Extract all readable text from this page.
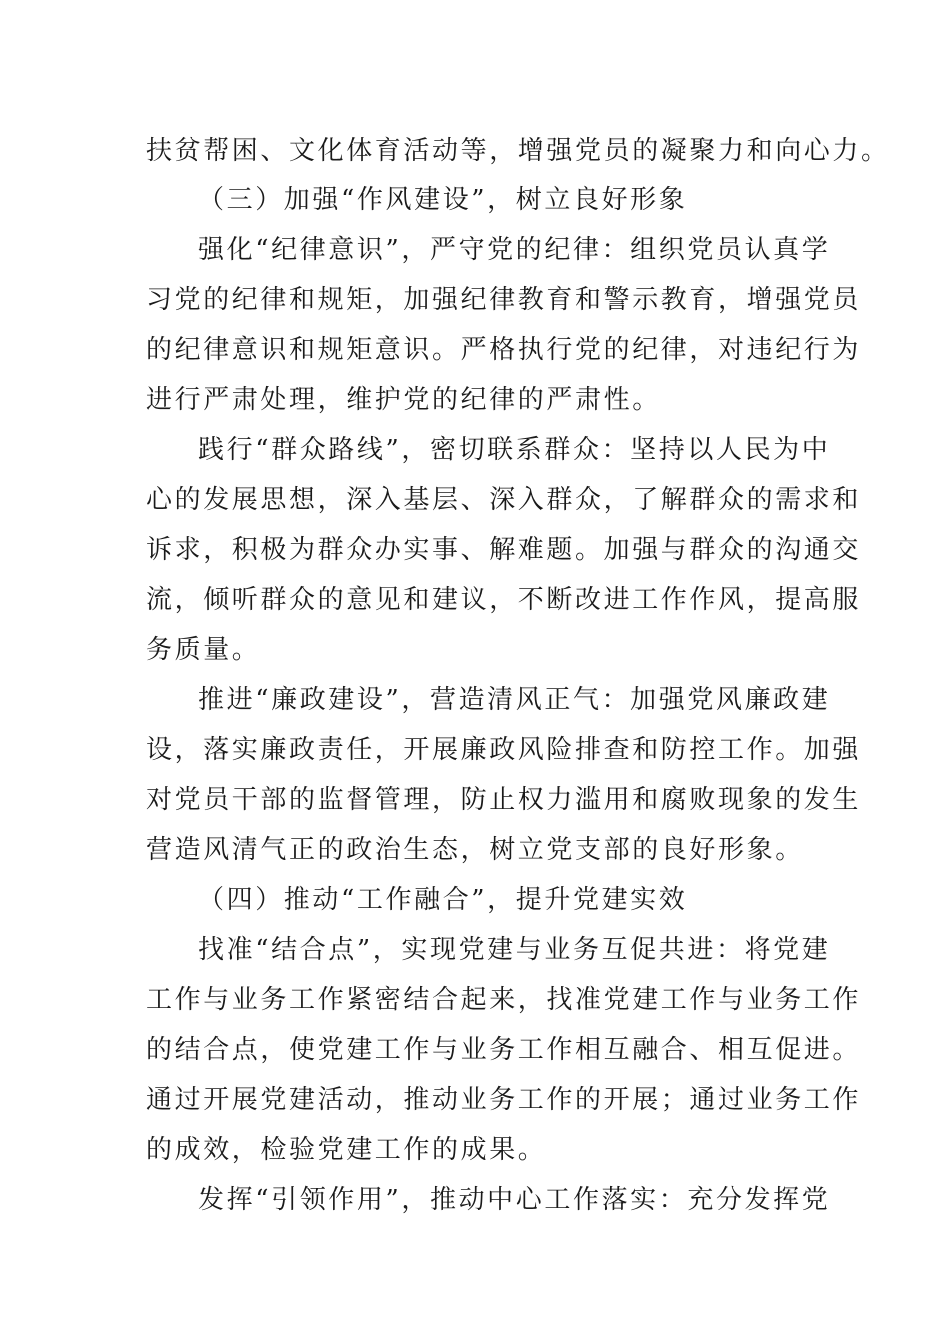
扶贫帮困、文化体育活动等，增强党员的凝聚力和向心力。
（三）加强“作风建设”，树立良好形象
强化“纪律意识”，严守党的纪律：组织党员认真学
习党的纪律和规矩，加强纪律教育和警示教育，增强党员
的纪律意识和规矩意识。严格执行党的纪律，对违纪行为
进行严肃处理，维护党的纪律的严肃性。
践行“群众路线”，密切联系群众：坚持以人民为中
心的发展思想，深入基层、深入群众，了解群众的需求和
诉求，积极为群众办实事、解难题。加强与群众的沟通交
流，倾听群众的意见和建议，不断改进工作作风，提高服
务质量。
推进“廉政建设”，营造清风正气：加强党风廉政建
设，落实廉政责任，开展廉政风险排查和防控工作。加强
对党员干部的监督管理，防止权力滥用和腐败现象的发生
营造风清气正的政治生态，树立党支部的良好形象。
（四）推动“工作融合”，提升党建实效
找准“结合点”，实现党建与业务互促共进：将党建
工作与业务工作紧密结合起来，找准党建工作与业务工作
的结合点，使党建工作与业务工作相互融合、相互促进。
通过开展党建活动，推动业务工作的开展；通过业务工作
的成效，检验党建工作的成果。
发挥“引领作用”，推动中心工作落实：充分发挥党
